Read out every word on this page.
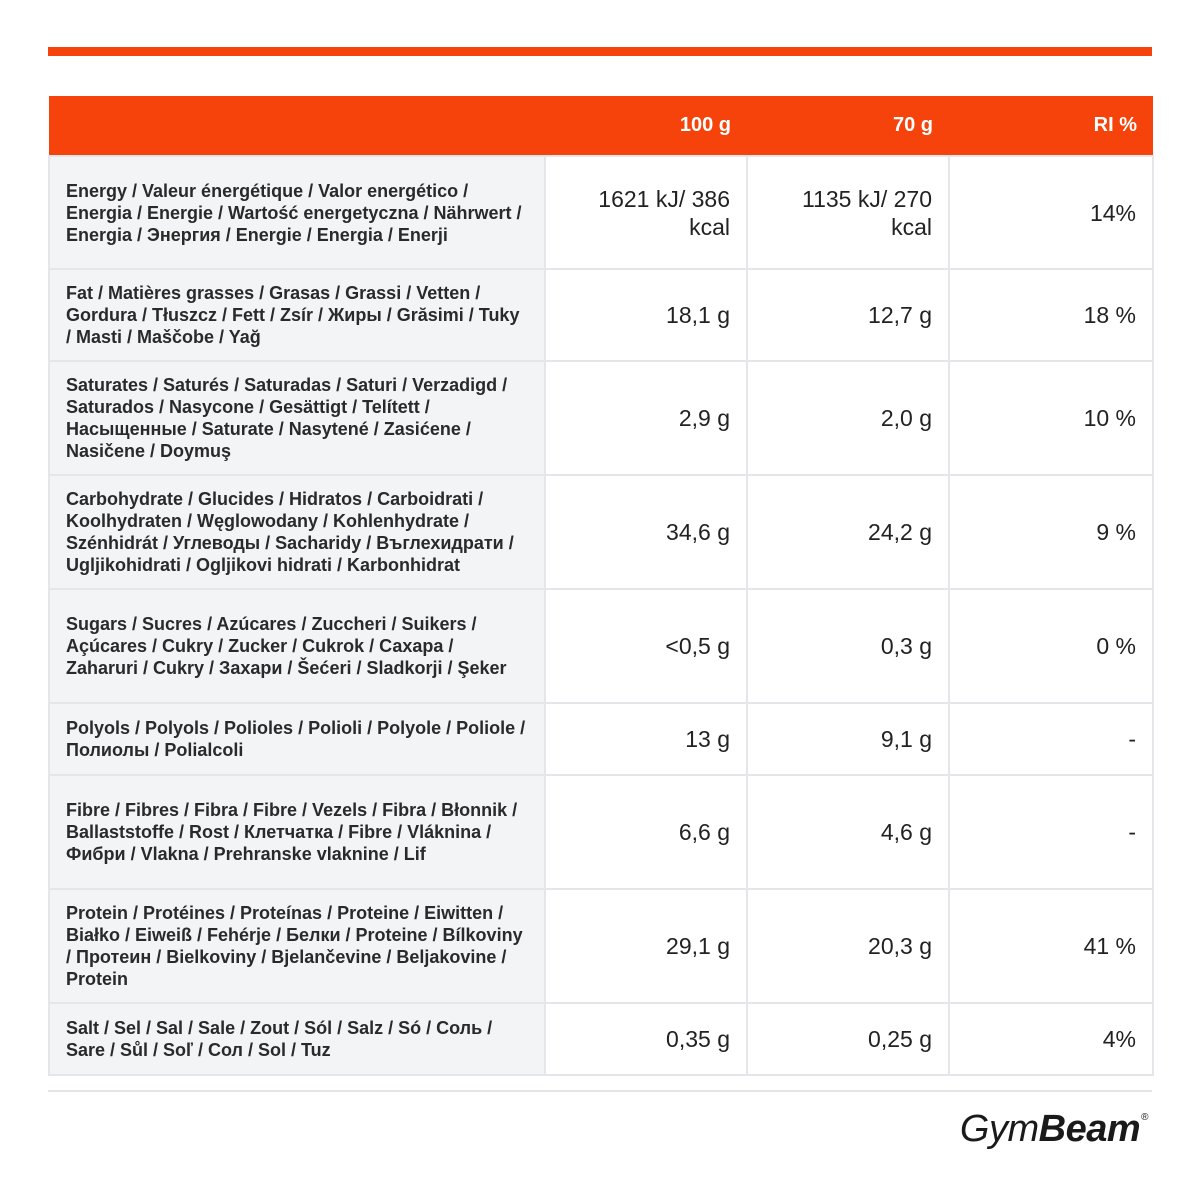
	100 g	70 g	RI %
Energy / Valeur énergétique / Valor energético / Energia / Energie / Wartość energetyczna / Nährwert / Energia / Энергия / Energie / Energia / Enerji	1621 kJ/ 386 kcal	1135 kJ/ 270 kcal	14%
Fat / Matières grasses / Grasas / Grassi / Vetten / Gordura / Tłuszcz / Fett / Zsír / Жиры / Grăsimi / Tuky / Masti / Maščobe / Yağ	18,1 g	12,7 g	18 %
Saturates / Saturés / Saturadas / Saturi / Verzadigd / Saturados / Nasycone / Gesättigt / Telített / Насыщенные / Saturate / Nasytené / Zasićene / Nasičene / Doymuş	2,9 g	2,0 g	10 %
Carbohydrate / Glucides / Hidratos / Carboidrati / Koolhydraten / Węglowodany / Kohlenhydrate / Szénhidrát / Углеводы / Sacharidy / Въглехидрати / Ugljikohidrati / Ogljikovi hidrati / Karbonhidrat	34,6 g	24,2 g	9 %
Sugars / Sucres / Azúcares / Zuccheri / Suikers / Açúcares / Cukry / Zucker / Cukrok / Сахара / Zaharuri / Cukry / Захари / Šećeri / Sladkorji / Şeker	<0,5 g	0,3 g	0 %
Polyols / Polyols / Polioles / Polioli / Polyole / Poliole / Полиолы / Polialcoli	13 g	9,1 g	-
Fibre / Fibres / Fibra / Fibre / Vezels / Fibra / Błonnik / Ballaststoffe / Rost / Клетчатка / Fibre / Vláknina / Фибри / Vlakna / Prehranske vlaknine / Lif	6,6 g	4,6 g	-
Protein / Protéines / Proteínas / Proteine / Eiwitten / Białko / Eiweiß / Fehérje / Белки / Proteine / Bílkoviny / Протеин / Bielkoviny / Bjelančevine / Beljakovine / Protein	29,1 g	20,3 g	41 %
Salt / Sel / Sal / Sale / Zout / Sól / Salz / Só / Соль / Sare / Sůl / Soľ / Сол / Sol / Tuz	0,35 g	0,25 g	4%
GymBeam®
